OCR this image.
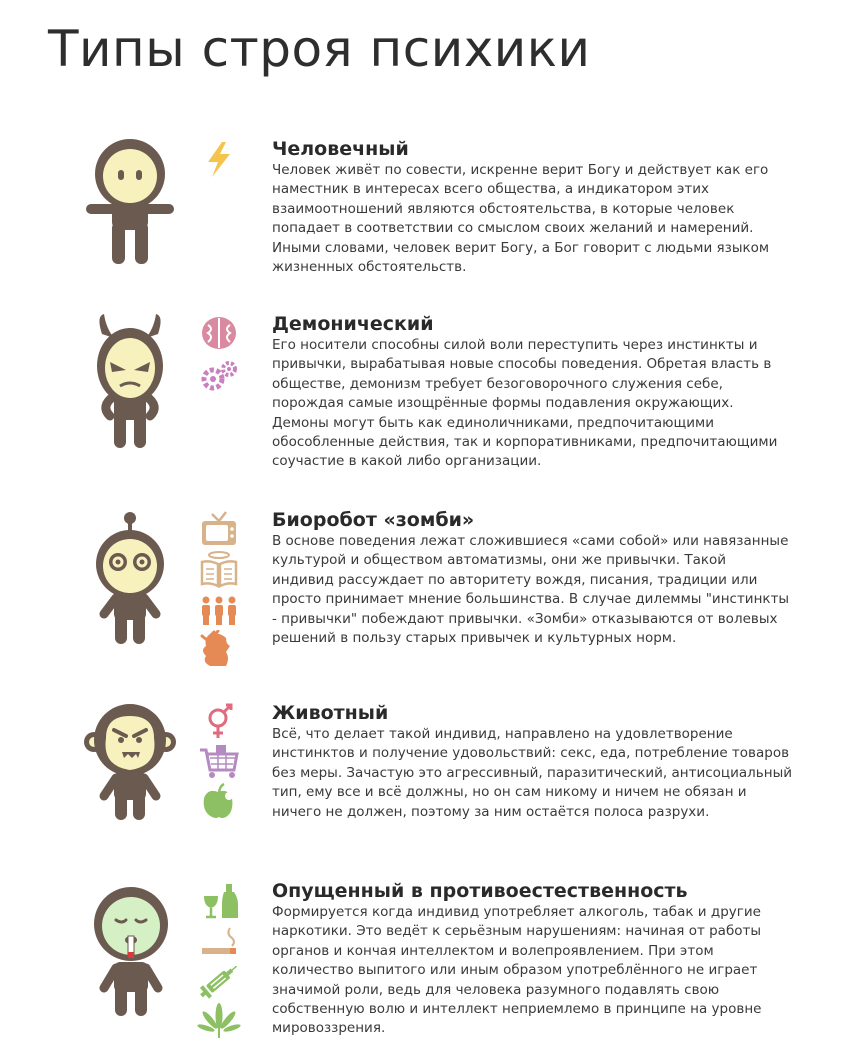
Типы строя психики
Человечный

Человек живёт по совести, искренне верит Богу и действует как его наместник в интересах всего общества, а индикатором этих взаимоотношений являются обстоятельства, в которые человек попадает в соответствии со смыслом своих желаний и намерений. Иными словами, человек верит Богу, а Бог говорит с людьми языком жизненных обстоятельств.

Демонический

Его носители способны силой воли переступить через инстинкты и привычки, вырабатывая новые способы поведения. Обретая власть в обществе, демонизм требует безоговорочного служения себе, порождая самые изощрённые формы подавления окружающих. Демоны могут быть как единоличниками, предпочитающими обособленные действия, так и корпоративниками, предпочитающими соучастие в какой либо организации.

Биоробот «зомби»

В основе поведения лежат сложившиеся «сами собой» или навязанные культурой и обществом автоматизмы, они же привычки. Такой индивид рассуждает по авторитету вождя, писания, традиции или просто принимает мнение большинства. В случае дилеммы "инстинкты - привычки" побеждают привычки. «Зомби» отказываются от волевых решений в пользу старых привычек и культурных норм.

Животный

Всё, что делает такой индивид, направлено на удовлетворение инстинктов и получение удовольствий: секс, еда, потребление товаров без меры. Зачастую это агрессивный, паразитический, антисоциальный тип, ему все и всё должны, но он сам никому и ничем не обязан и ничего не должен, поэтому за ним остаётся полоса разрухи.

Опущенный в противоестественность

Формируется когда индивид употребляет алкоголь, табак и другие наркотики. Это ведёт к серьёзным нарушениям: начиная от работы органов и кончая интеллектом и волепроявлением. При этом количество выпитого или иным образом употреблённого не играет значимой роли, ведь для человека разумного подавлять свою собственную волю и интеллект неприемлемо в принципе на уровне мировоззрения.
